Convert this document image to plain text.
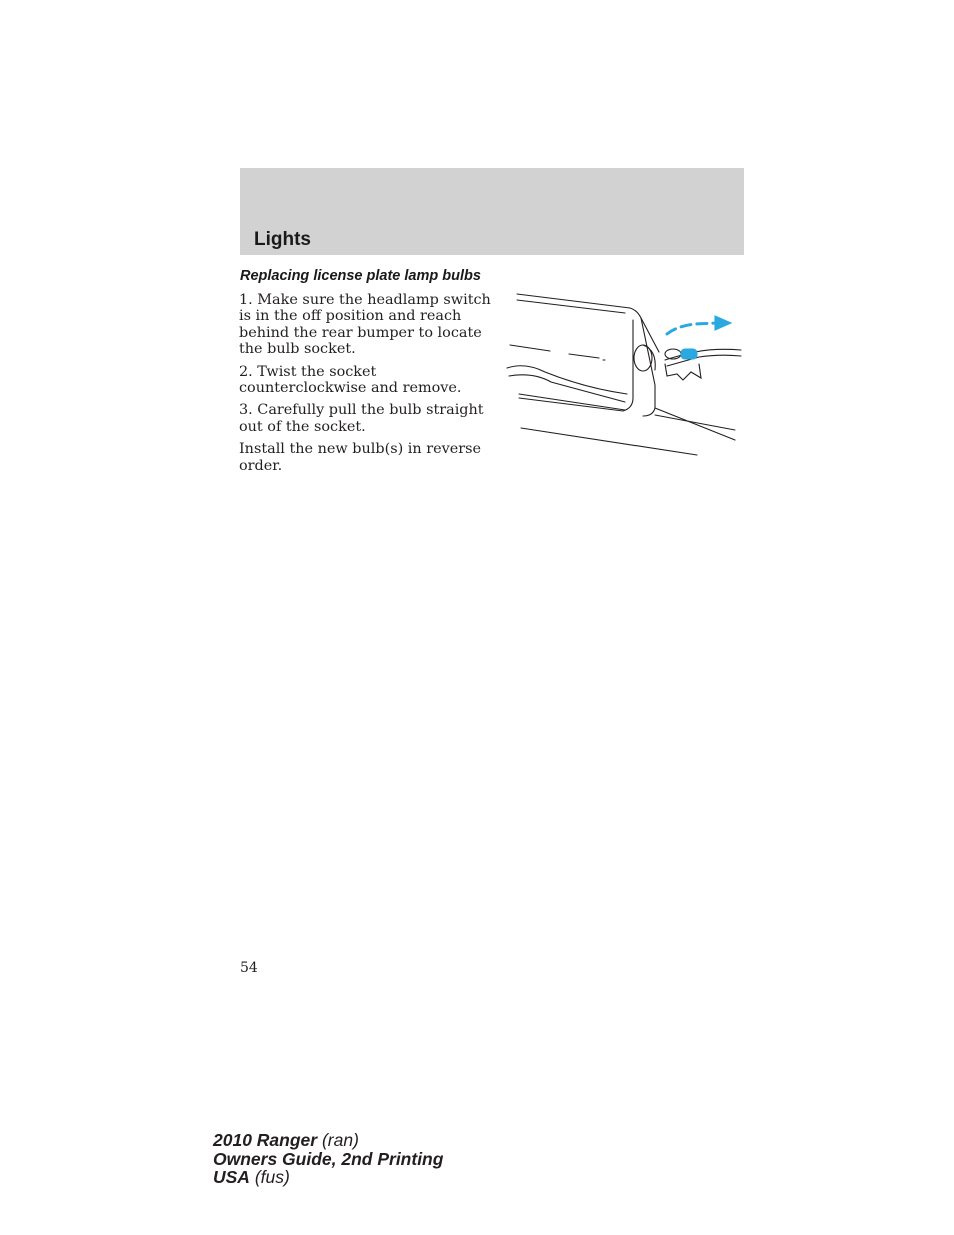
Lights
Replacing license plate lamp bulbs

1. Make sure the headlamp switch is in the off position and reach behind the rear bumper to locate the bulb socket.

2. Twist the socket counterclockwise and remove.

3. Carefully pull the bulb straight out of the socket.

Install the new bulb(s) in reverse order.

54
2010 Ranger (ran)
Owners Guide, 2nd Printing
USA (fus)
